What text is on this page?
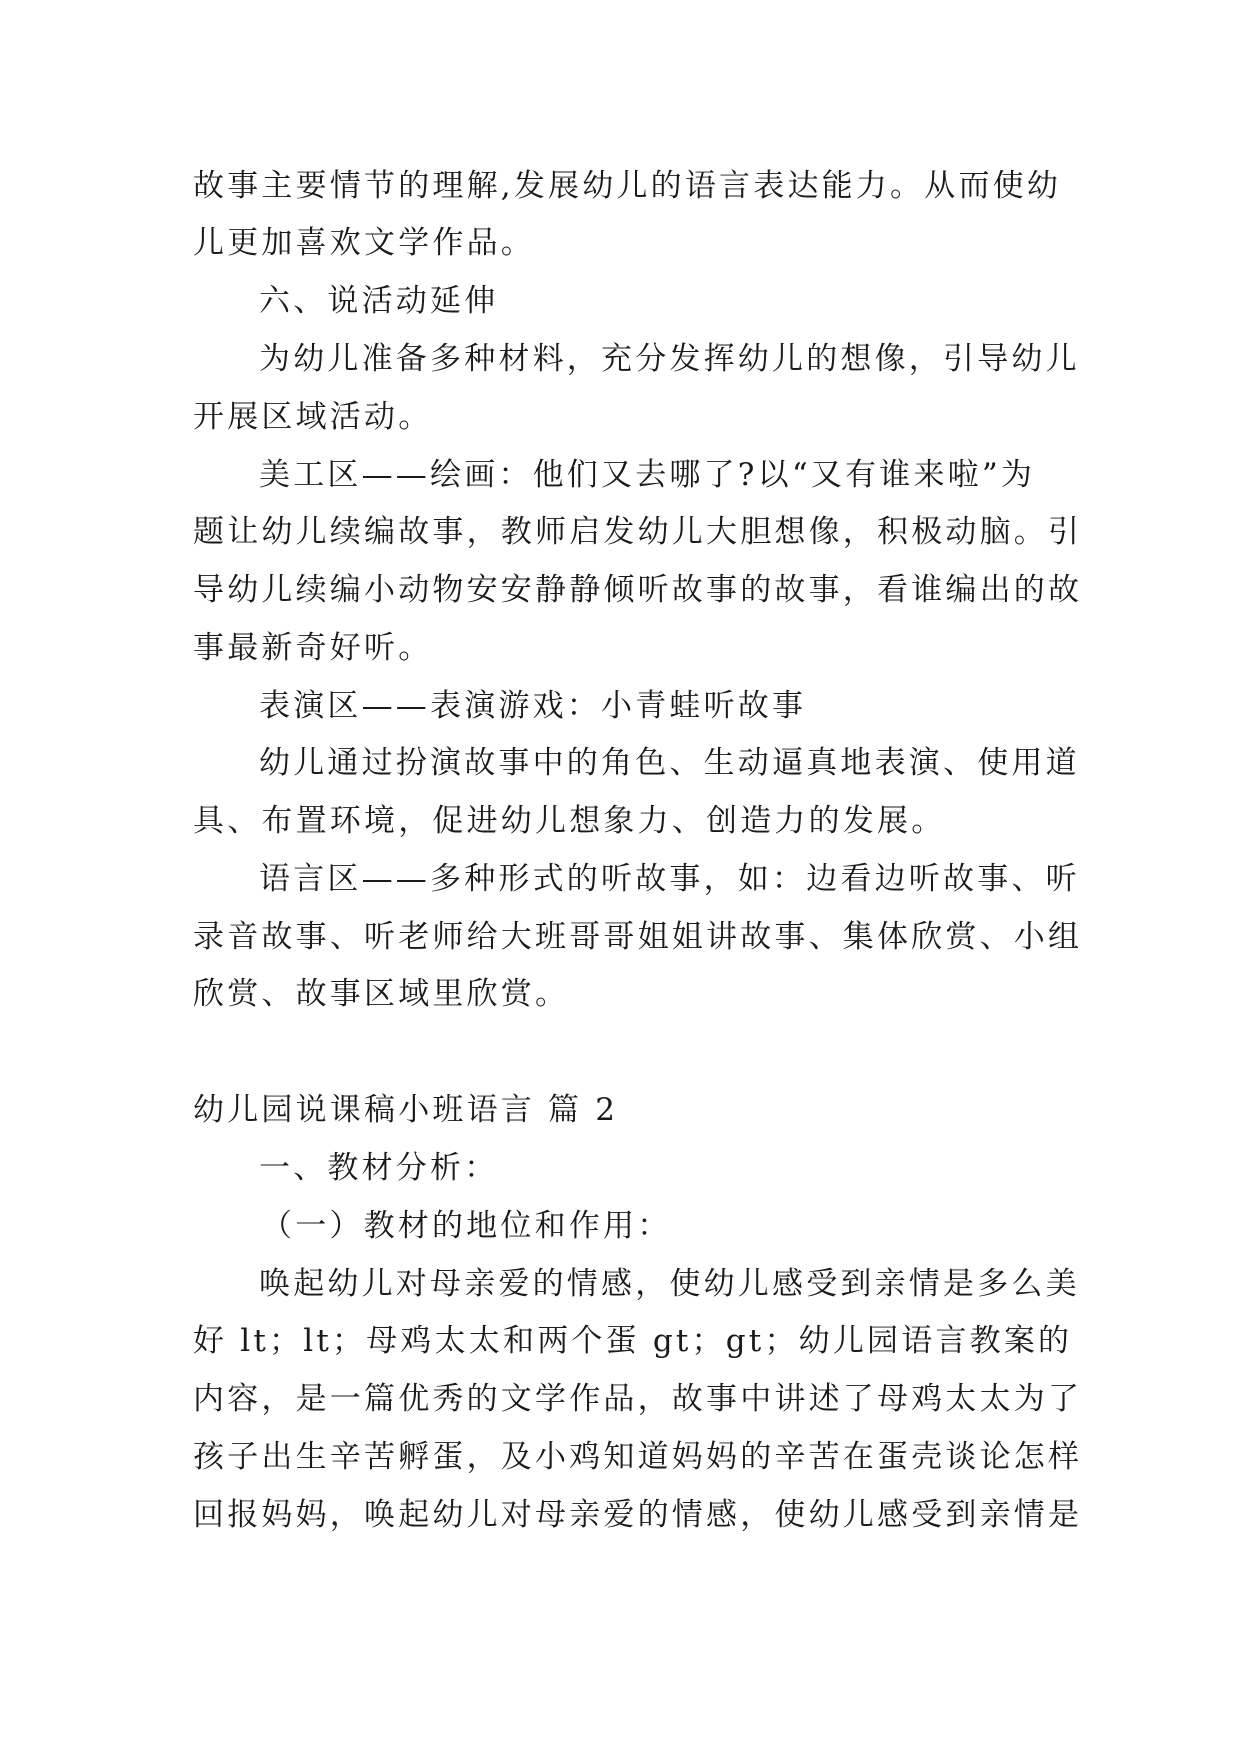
故事主要情节的理解,发展幼儿的语言表达能力。从而使幼
儿更加喜欢文学作品。
六、说活动延伸
为幼儿准备多种材料，充分发挥幼儿的想像，引导幼儿
开展区域活动。
美工区——绘画：他们又去哪了?以“又有谁来啦”为
题让幼儿续编故事，教师启发幼儿大胆想像，积极动脑。引
导幼儿续编小动物安安静静倾听故事的故事，看谁编出的故
事最新奇好听。
表演区——表演游戏：小青蛙听故事
幼儿通过扮演故事中的角色、生动逼真地表演、使用道
具、布置环境，促进幼儿想象力、创造力的发展。
语言区——多种形式的听故事，如：边看边听故事、听
录音故事、听老师给大班哥哥姐姐讲故事、集体欣赏、小组
欣赏、故事区域里欣赏。
幼儿园说课稿小班语言 篇 2
一、教材分析：
（一）教材的地位和作用：
唤起幼儿对母亲爱的情感，使幼儿感受到亲情是多么美
好 lt；lt；母鸡太太和两个蛋 gt；gt；幼儿园语言教案的
内容，是一篇优秀的文学作品，故事中讲述了母鸡太太为了
孩子出生辛苦孵蛋，及小鸡知道妈妈的辛苦在蛋壳谈论怎样
回报妈妈，唤起幼儿对母亲爱的情感，使幼儿感受到亲情是
